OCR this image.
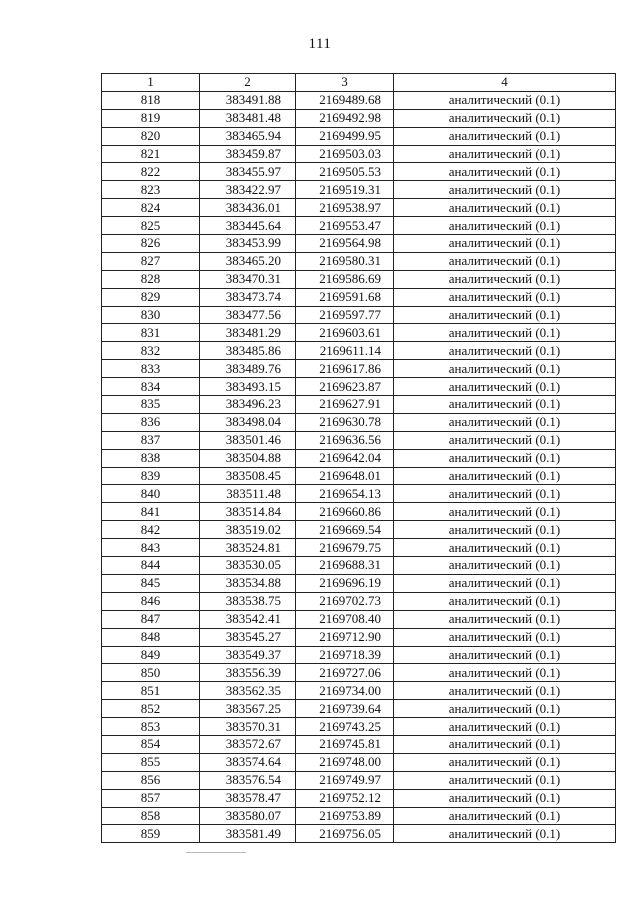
111
1	2	3	4
818	383491.88	2169489.68	аналитический (0.1)
819	383481.48	2169492.98	аналитический (0.1)
820	383465.94	2169499.95	аналитический (0.1)
821	383459.87	2169503.03	аналитический (0.1)
822	383455.97	2169505.53	аналитический (0.1)
823	383422.97	2169519.31	аналитический (0.1)
824	383436.01	2169538.97	аналитический (0.1)
825	383445.64	2169553.47	аналитический (0.1)
826	383453.99	2169564.98	аналитический (0.1)
827	383465.20	2169580.31	аналитический (0.1)
828	383470.31	2169586.69	аналитический (0.1)
829	383473.74	2169591.68	аналитический (0.1)
830	383477.56	2169597.77	аналитический (0.1)
831	383481.29	2169603.61	аналитический (0.1)
832	383485.86	2169611.14	аналитический (0.1)
833	383489.76	2169617.86	аналитический (0.1)
834	383493.15	2169623.87	аналитический (0.1)
835	383496.23	2169627.91	аналитический (0.1)
836	383498.04	2169630.78	аналитический (0.1)
837	383501.46	2169636.56	аналитический (0.1)
838	383504.88	2169642.04	аналитический (0.1)
839	383508.45	2169648.01	аналитический (0.1)
840	383511.48	2169654.13	аналитический (0.1)
841	383514.84	2169660.86	аналитический (0.1)
842	383519.02	2169669.54	аналитический (0.1)
843	383524.81	2169679.75	аналитический (0.1)
844	383530.05	2169688.31	аналитический (0.1)
845	383534.88	2169696.19	аналитический (0.1)
846	383538.75	2169702.73	аналитический (0.1)
847	383542.41	2169708.40	аналитический (0.1)
848	383545.27	2169712.90	аналитический (0.1)
849	383549.37	2169718.39	аналитический (0.1)
850	383556.39	2169727.06	аналитический (0.1)
851	383562.35	2169734.00	аналитический (0.1)
852	383567.25	2169739.64	аналитический (0.1)
853	383570.31	2169743.25	аналитический (0.1)
854	383572.67	2169745.81	аналитический (0.1)
855	383574.64	2169748.00	аналитический (0.1)
856	383576.54	2169749.97	аналитический (0.1)
857	383578.47	2169752.12	аналитический (0.1)
858	383580.07	2169753.89	аналитический (0.1)
859	383581.49	2169756.05	аналитический (0.1)
